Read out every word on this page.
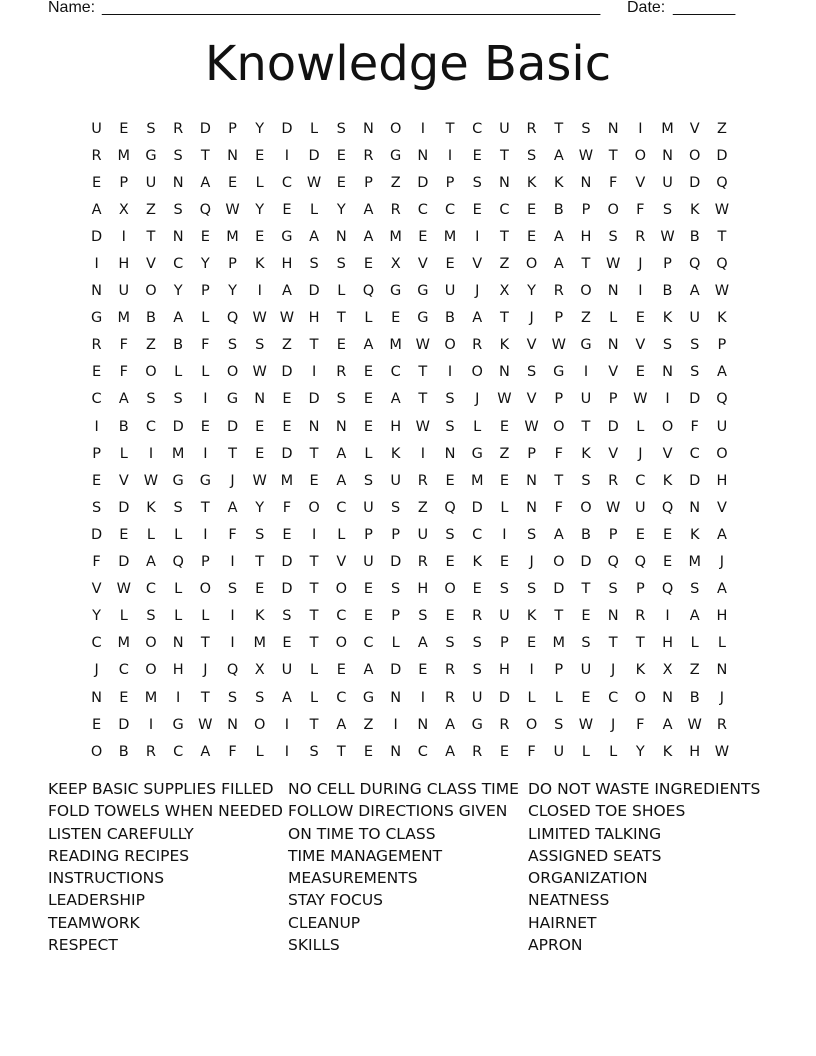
Name: ________________________________________________________ Date: _______
Knowledge Basic
U	E	S	R	D	P	Y	D	L	S	N	O	I	T	C	U	R	T	S	N	I	M	V	Z
R	M	G	S	T	N	E	I	D	E	R	G	N	I	E	T	S	A	W	T	O	N	O	D
E	P	U	N	A	E	L	C	W	E	P	Z	D	P	S	N	K	K	N	F	V	U	D	Q
A	X	Z	S	Q W	Y	E	L	Y	A	R	C	C	E	C	E	B	P	O	F	S	K	W
D	I	T	N	E	M	E	G	A	N	A	M	E	M	I	T	E	A	H	S	R	W	B	T
I	H	V	C	Y	P	K	H	S	S	E	X	V	E	V	Z	O	A	T	W	J	P	Q	Q
N	U	O	Y	P	Y	I	A	D	L	Q	G	G	U	J	X	Y	R	O	N	I	B	A	W
G	M	B	A	L	Q W W	H	T	L	E	G	B	A	T	J	P	Z	L	E	K	U	K
R	F	Z	B	F	S	S	Z	T	E	A	M W O	R	K	V	W G	N	V	S	S	P
E	F	O	L	L	O W D	I	R	E	C	T	I	O	N	S	G	I	V	E	N	S	A
C	A	S	S	I	G	N	E	D	S	E	A	T	S	J	W	V	P	U	P	W	I	D	Q
I	B	C	D	E	D	E	E	N	N	E	H	W	S	L	E	W O	T	D	L	O	F	U
P	L	I	M	I	T	E	D	T	A	L	K	I	N	G	Z	P	F	K	V	J	V	C	O
E	V	W G	G	J	W M	E	A	S	U	R	E	M	E	N	T	S	R	C	K	D	H
S	D	K	S	T	A	Y	F	O	C	U	S	Z	Q	D	L	N	F	O W	U	Q	N	V
D	E	L	L	I	F	S	E	I	L	P	P	U	S	C	I	S	A	B	P	E	E	K	A
F	D	A	Q	P	I	T	D	T	V	U	D	R	E	K	E	J	O	D	Q	Q	E	M	J
V	W	C	L	O	S	E	D	T	O	E	S	H	O	E	S	S	D	T	S	P	Q	S	A
Y	L	S	L	L	I	K	S	T	C	E	P	S	E	R	U	K	T	E	N	R	I	A	H
C	M	O	N	T	I	M	E	T	O	C	L	A	S	S	P	E	M	S	T	T	H	L	L
J	C	O	H	J	Q	X	U	L	E	A	D	E	R	S	H	I	P	U	J	K	X	Z	N
N	E	M	I	T	S	S	A	L	C	G	N	I	R	U	D	L	L	E	C	O	N	B	J
E	D	I	G W	N	O	I	T	A	Z	I	N	A	G	R	O	S	W	J	F	A	W	R
O	B	R	C	A	F	L	I	S	T	E	N	C	A	R	E	F	U	L	L	Y	K	H	W
KEEP BASIC SUPPLIES FILLED
FOLD TOWELS WHEN NEEDED
LISTEN CAREFULLY
READING RECIPES
INSTRUCTIONS
LEADERSHIP
TEAMWORK
RESPECT
NO CELL DURING CLASS TIME
FOLLOW DIRECTIONS GIVEN
ON TIME TO CLASS
TIME MANAGEMENT
MEASUREMENTS
STAY FOCUS
CLEANUP
SKILLS
DO NOT WASTE INGREDIENTS
CLOSED TOE SHOES
LIMITED TALKING
ASSIGNED SEATS
ORGANIZATION
NEATNESS
HAIRNET
APRON
